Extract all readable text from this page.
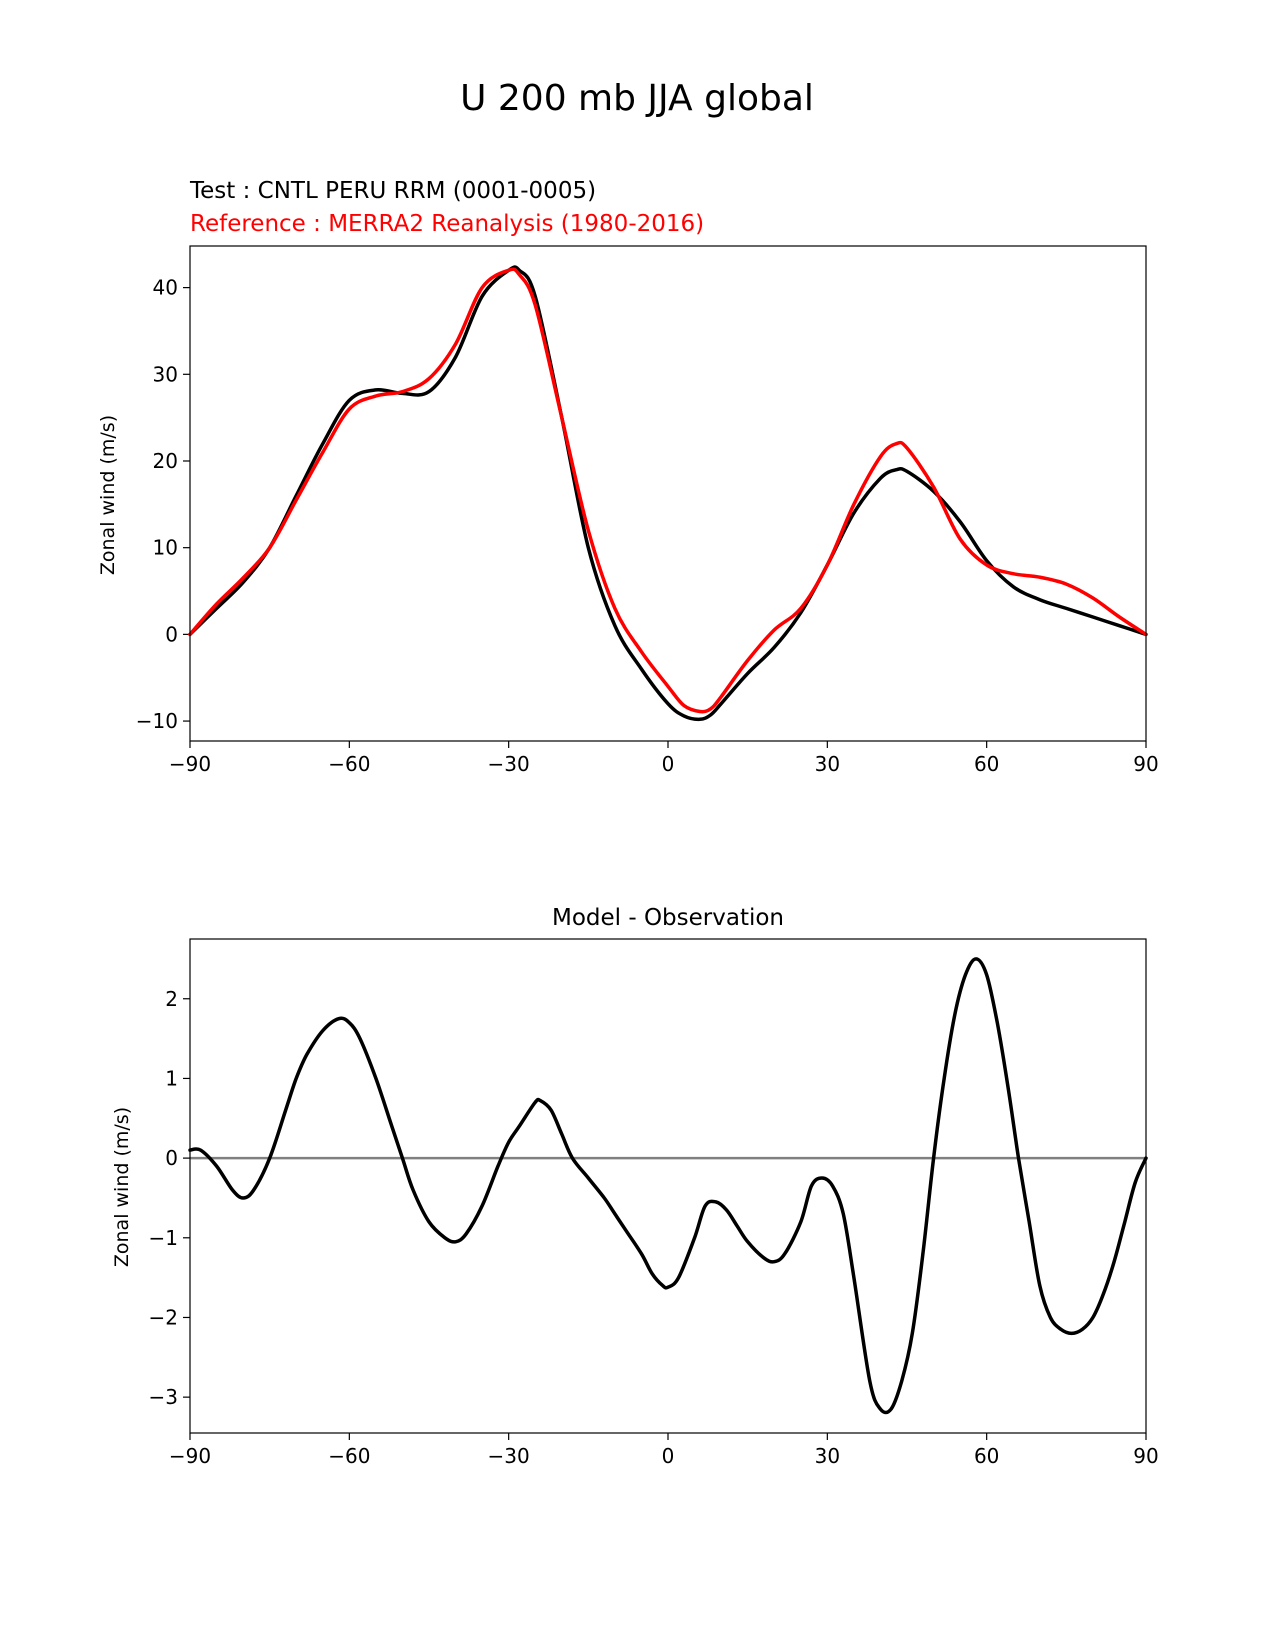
U 200 mb JJA global
Test : CNTL PERU RRM (0001-0005)
Reference : MERRA2 Reanalysis (1980-2016)
Zonal wind (m/s)
−90	−60	−30	0	30	60	90
−10
0
10
20
30
40
Model - Observation
Zonal wind (m/s)
−90	−60	−30	0	30	60	90
−3
−2
−1
0
1
2
